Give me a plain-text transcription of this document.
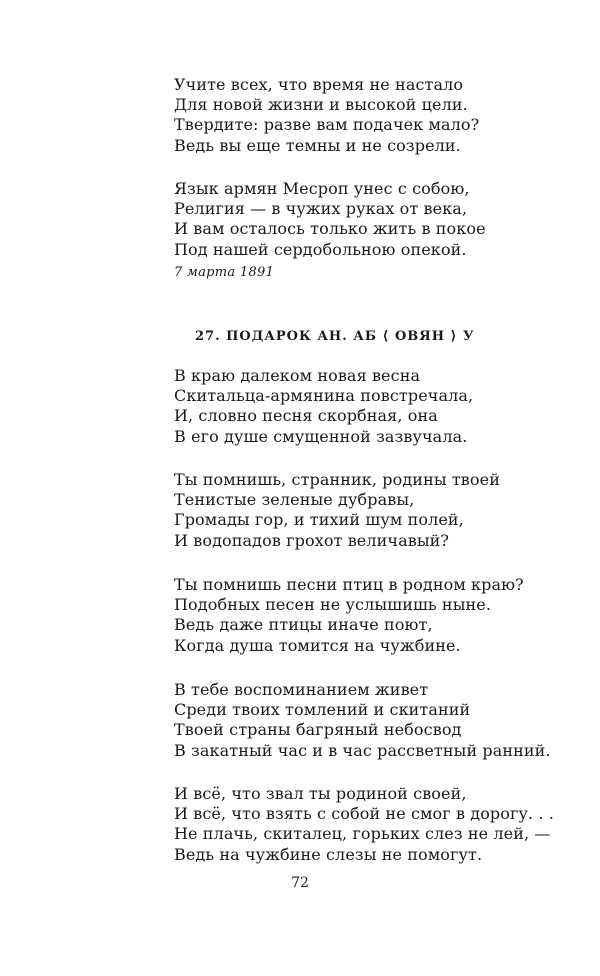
Учите всех, что время не настало
Для новой жизни и высокой цели.
Твердите: разве вам подачек мало?
Ведь вы еще темны и не созрели.
Язык армян Месроп унес с собою,
Религия — в чужих руках от века,
И вам осталось только жить в покое
Под нашей сердобольною опекой.
7 марта 1891
27. ПОДАРОК АН. АБ ⟨ ОВЯН ⟩ У
В краю далеком новая весна
Скитальца-армянина повстречала,
И, словно песня скорбная, она
В его душе смущенной зазвучала.
Ты помнишь, странник, родины твоей
Тенистые зеленые дубравы,
Громады гор, и тихий шум полей,
И водопадов грохот величавый?
Ты помнишь песни птиц в родном краю?
Подобных песен не услышишь ныне.
Ведь даже птицы иначе поют,
Когда душа томится на чужбине.
В тебе воспоминанием живет
Среди твоих томлений и скитаний
Твоей страны багряный небосвод
В закатный час и в час рассветный ранний.
И всё, что звал ты родиной своей,
И всё, что взять с собой не смог в дорогу. . .
Не плачь, скиталец, горьких слез не лей, —
Ведь на чужбине слезы не помогут.
72
